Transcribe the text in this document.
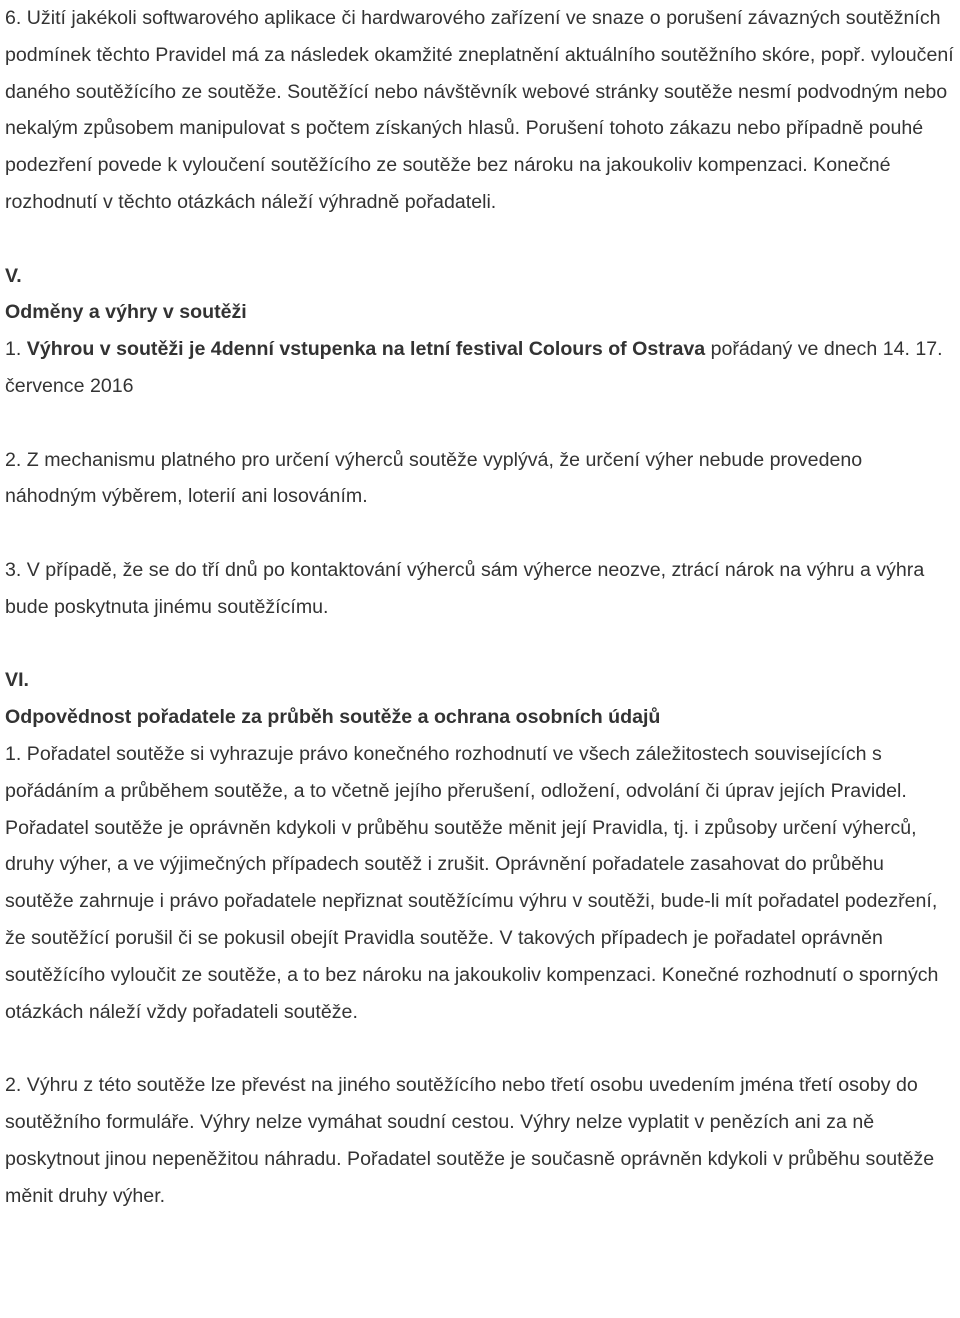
6. Užití jakékoli softwarového aplikace či hardwarového zařízení ve snaze o porušení závazných soutěžních podmínek těchto Pravidel má za následek okamžité zneplatnění aktuálního soutěžního skóre, popř. vyloučení daného soutěžícího ze soutěže. Soutěžící nebo návštěvník webové stránky soutěže nesmí podvodným nebo nekalým způsobem manipulovat s počtem získaných hlasů. Porušení tohoto zákazu nebo případně pouhé podezření povede k vyloučení soutěžícího ze soutěže bez nároku na jakoukoliv kompenzaci. Konečné rozhodnutí v těchto otázkách náleží výhradně pořadateli.

V.

Odměny a výhry v soutěži

1. Výhrou v soutěži je 4denní vstupenka na letní festival Colours of Ostrava pořádaný ve dnech 14. 17. července 2016

2. Z mechanismu platného pro určení výherců soutěže vyplývá, že určení výher nebude provedeno náhodným výběrem, loterií ani losováním.

3. V případě, že se do tří dnů po kontaktování výherců sám výherce neozve, ztrácí nárok na výhru a výhra bude poskytnuta jinému soutěžícímu.

VI.

Odpovědnost pořadatele za průběh soutěže a ochrana osobních údajů

1. Pořadatel soutěže si vyhrazuje právo konečného rozhodnutí ve všech záležitostech souvisejících s pořádáním a průběhem soutěže, a to včetně jejího přerušení, odložení, odvolání či úprav jejích Pravidel. Pořadatel soutěže je oprávněn kdykoli v průběhu soutěže měnit její Pravidla, tj. i způsoby určení výherců, druhy výher, a ve výjimečných případech soutěž i zrušit. Oprávnění pořadatele zasahovat do průběhu soutěže zahrnuje i právo pořadatele nepřiznat soutěžícímu výhru v soutěži, bude-li mít pořadatel podezření, že soutěžící porušil či se pokusil obejít Pravidla soutěže. V takových případech je pořadatel oprávněn soutěžícího vyloučit ze soutěže, a to bez nároku na jakoukoliv kompenzaci. Konečné rozhodnutí o sporných otázkách náleží vždy pořadateli soutěže.

2. Výhru z této soutěže lze převést na jiného soutěžícího nebo třetí osobu uvedením jména třetí osoby do soutěžního formuláře. Výhry nelze vymáhat soudní cestou. Výhry nelze vyplatit v penězích ani za ně poskytnout jinou nepeněžitou náhradu. Pořadatel soutěže je současně oprávněn kdykoli v průběhu soutěže měnit druhy výher.
